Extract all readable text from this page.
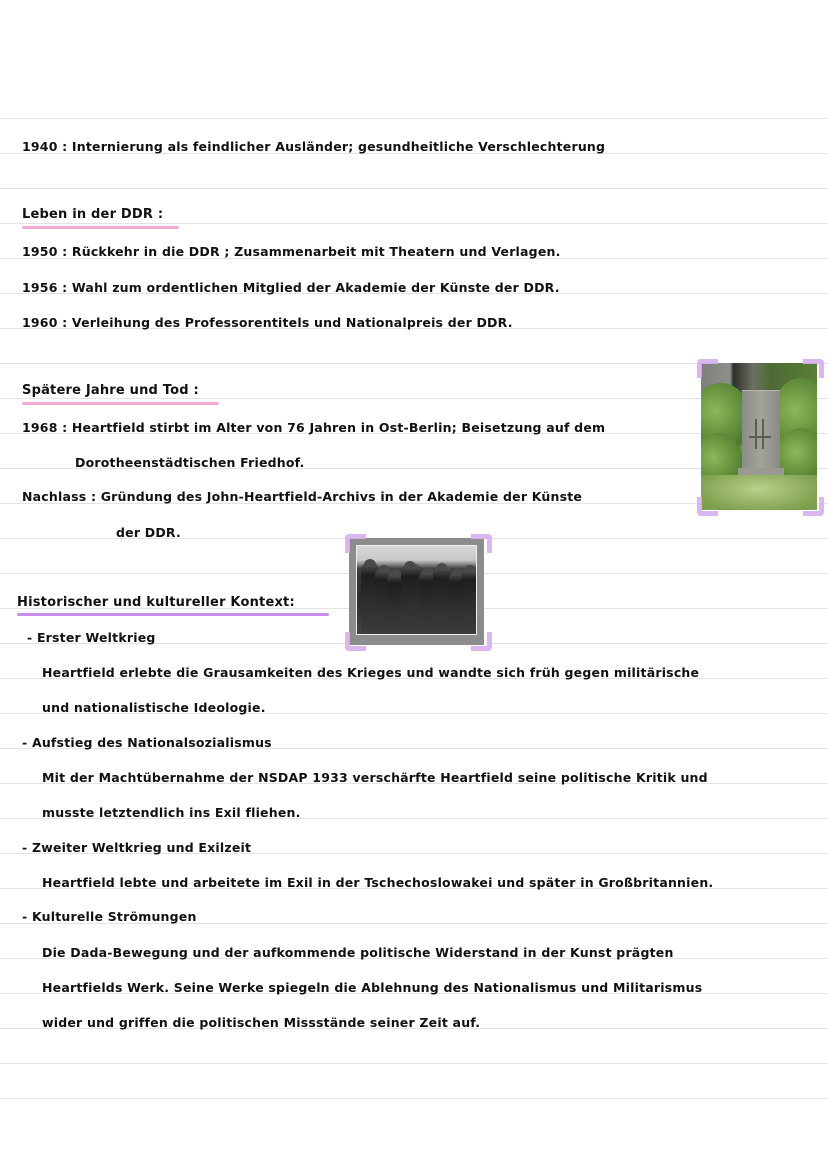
1940 : Internierung als feindlicher Ausländer; gesundheitliche Verschlechterung
Leben in der DDR :
1950 : Rückkehr in die DDR ; Zusammenarbeit mit Theatern und Verlagen.
1956 : Wahl zum ordentlichen Mitglied der Akademie der Künste der DDR.
1960 : Verleihung des Professorentitels und Nationalpreis der DDR.
Spätere Jahre und Tod :
1968 : Heartfield stirbt im Alter von 76 Jahren in Ost-Berlin; Beisetzung auf dem
Dorotheenstädtischen Friedhof.
Nachlass : Gründung des John-Heartfield-Archivs in der Akademie der Künste
der DDR.
Historischer und kultureller Kontext:
- Erster Weltkrieg
Heartfield erlebte die Grausamkeiten des Krieges und wandte sich früh gegen militärische
und nationalistische Ideologie.
- Aufstieg des Nationalsozialismus
Mit der Machtübernahme der NSDAP 1933 verschärfte Heartfield seine politische Kritik und
musste letztendlich ins Exil fliehen.
- Zweiter Weltkrieg und Exilzeit
Heartfield lebte und arbeitete im Exil in der Tschechoslowakei und später in Großbritannien.
- Kulturelle Strömungen
Die Dada-Bewegung und der aufkommende politische Widerstand in der Kunst prägten
Heartfields Werk. Seine Werke spiegeln die Ablehnung des Nationalismus und Militarismus
wider und griffen die politischen Missstände seiner Zeit auf.
